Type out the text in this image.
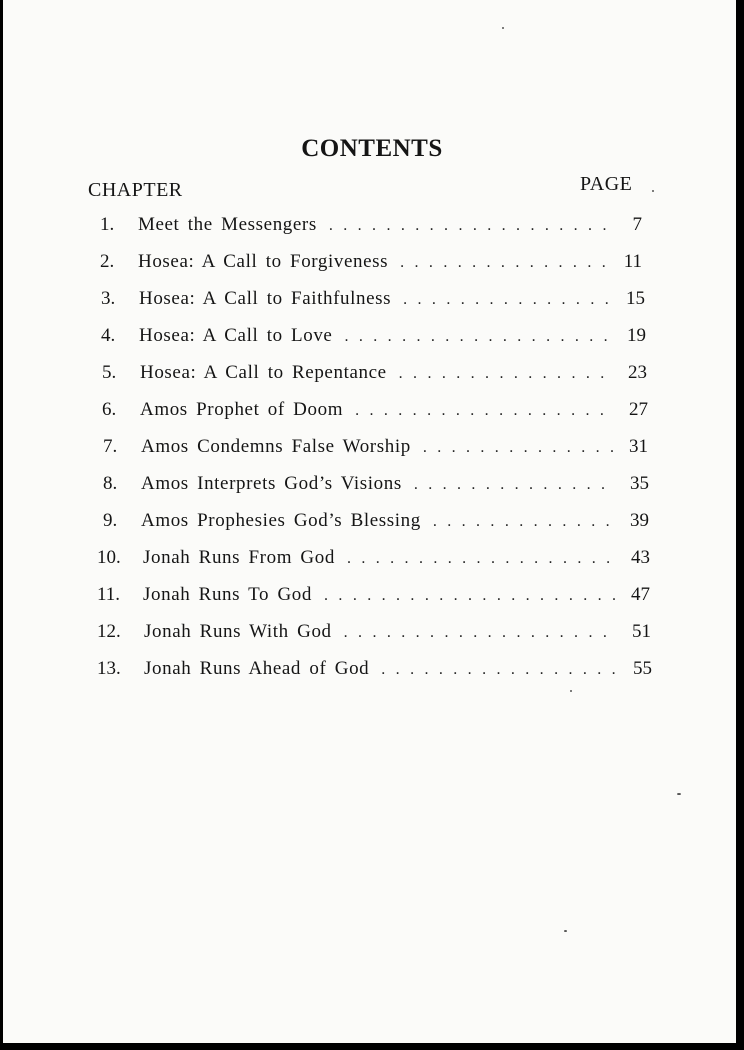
CONTENTS
CHAPTER	PAGE
1.	Meet the Messengers . . .	7
2.	Hosea: A Call to Forgiveness . . .	11
3.	Hosea: A Call to Faithfulness . . .	15
4.	Hosea: A Call to Love . . .	19
5.	Hosea: A Call to Repentance . . .	23
6.	Amos Prophet of Doom . . .	27
7.	Amos Condemns False Worship . . .	31
8.	Amos Interprets God’s Visions . . .	35
9.	Amos Prophesies God’s Blessing . . .	39
10.	Jonah Runs From God . . .	43
11.	Jonah Runs To God . . .	47
12.	Jonah Runs With God . . .	51
13.	Jonah Runs Ahead of God . . .	55
